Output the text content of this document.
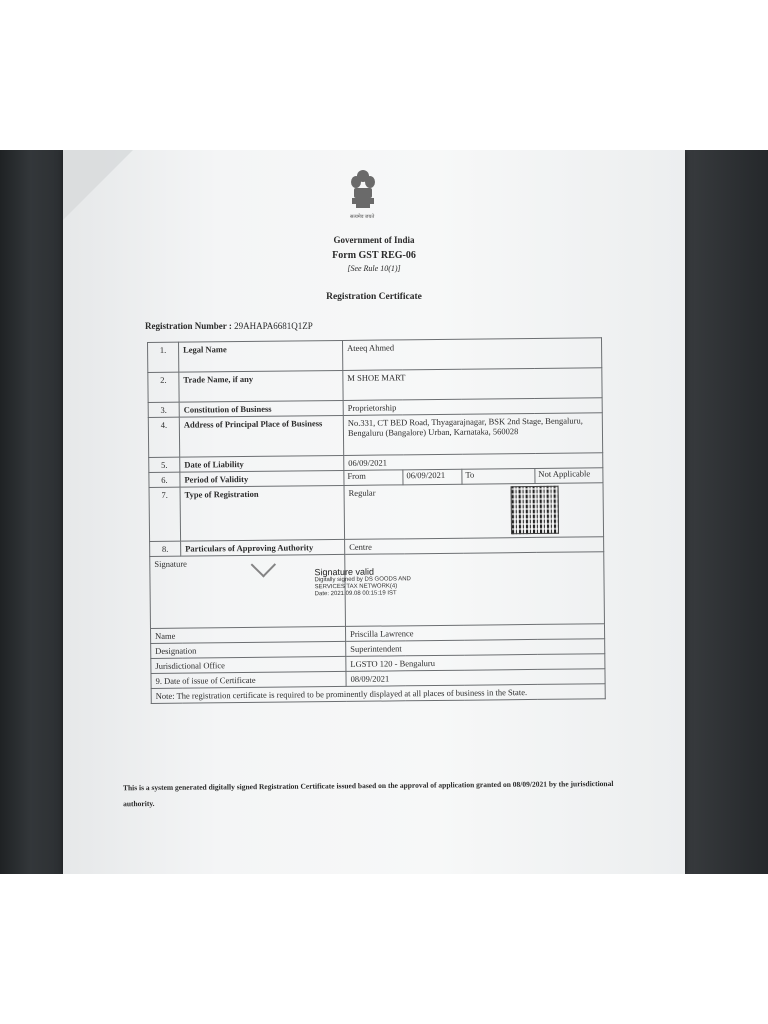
सत्यमेव जयते
Government of India
Form GST REG-06
[See Rule 10(1)]
Registration Certificate
Registration Number : 29AHAPA6681Q1ZP
1.	Legal Name	Ateeq Ahmed			
2.	Trade Name, if any	M SHOE MART			
3.	Constitution of Business	Proprietorship			
4.	Address of Principal Place of Business	No.331, CT BED Road, Thyagarajnagar, BSK 2nd Stage, Bengaluru, Bengaluru (Bangalore) Urban, Karnataka, 560028			
5.	Date of Liability	06/09/2021			
6.	Period of Validity	From	06/09/2021	To	Not Applicable
7.	Type of Registration	Regular			
8.	Particulars of Approving Authority	Centre			
Signature		Signature valid
Digitally signed by DS GOODS AND
SERVICES TAX NETWORK(4)
Date: 2021.09.08 00:15:19 IST			

Name		Priscilla Lawrence			
Designation		Superintendent			
Jurisdictional Office		LGSTO 120 - Bengaluru			
9. Date of issue of Certificate		08/09/2021			
Note: The registration certificate is required to be prominently displayed at all places of business in the State.					
This is a system generated digitally signed Registration Certificate issued based on the approval of application granted on 08/09/2021 by the jurisdictional authority.
